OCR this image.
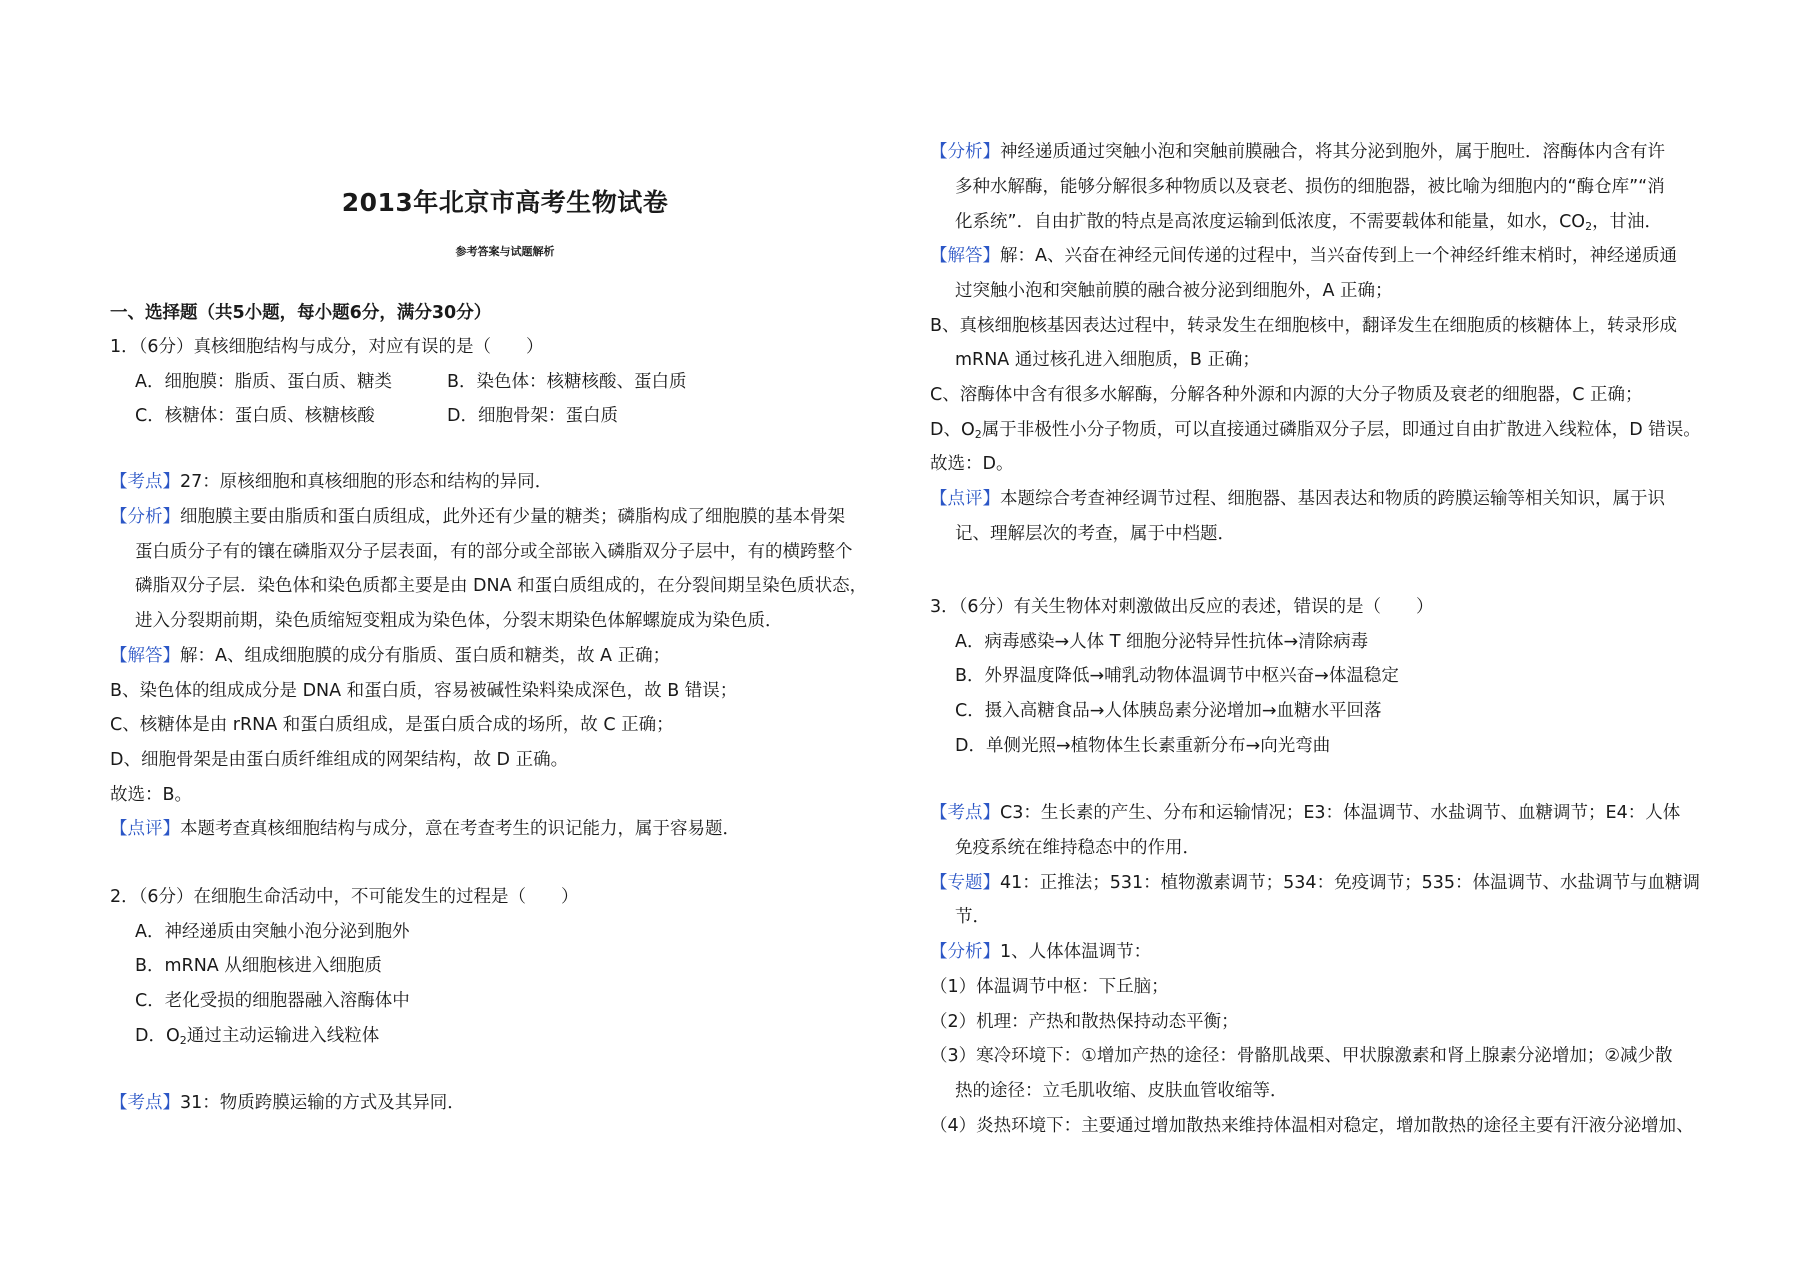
2013年北京市高考生物试卷
参考答案与试题解析
一、选择题（共5小题，每小题6分，满分30分）
1．（6分）真核细胞结构与成分，对应有误的是（　　）
A．细胞膜：脂质、蛋白质、糖类	B．染色体：核糖核酸、蛋白质
C．核糖体：蛋白质、核糖核酸	D．细胞骨架：蛋白质
【考点】27：原核细胞和真核细胞的形态和结构的异同．
【分析】细胞膜主要由脂质和蛋白质组成，此外还有少量的糖类；磷脂构成了细胞膜的基本骨架
蛋白质分子有的镶在磷脂双分子层表面，有的部分或全部嵌入磷脂双分子层中，有的横跨整个
磷脂双分子层．染色体和染色质都主要是由 DNA 和蛋白质组成的，在分裂间期呈染色质状态，
进入分裂期前期，染色质缩短变粗成为染色体，分裂末期染色体解螺旋成为染色质．
【解答】解：A、组成细胞膜的成分有脂质、蛋白质和糖类，故 A 正确；
B、染色体的组成成分是 DNA 和蛋白质，容易被碱性染料染成深色，故 B 错误；
C、核糖体是由 rRNA 和蛋白质组成，是蛋白质合成的场所，故 C 正确；
D、细胞骨架是由蛋白质纤维组成的网架结构，故 D 正确。
故选：B。
【点评】本题考查真核细胞结构与成分，意在考查考生的识记能力，属于容易题．
2．（6分）在细胞生命活动中，不可能发生的过程是（　　）
A．神经递质由突触小泡分泌到胞外
B．mRNA 从细胞核进入细胞质
C．老化受损的细胞器融入溶酶体中
D．$O_2$通过主动运输进入线粒体
【考点】31：物质跨膜运输的方式及其异同．
【分析】神经递质通过突触小泡和突触前膜融合，将其分泌到胞外，属于胞吐．溶酶体内含有许
多种水解酶，能够分解很多种物质以及衰老、损伤的细胞器，被比喻为细胞内的“酶仓库”“消
化系统”．自由扩散的特点是高浓度运输到低浓度，不需要载体和能量，如水，$CO_2$，甘油．
【解答】解：A、兴奋在神经元间传递的过程中，当兴奋传到上一个神经纤维末梢时，神经递质通
过突触小泡和突触前膜的融合被分泌到细胞外，A 正确；
B、真核细胞核基因表达过程中，转录发生在细胞核中，翻译发生在细胞质的核糖体上，转录形成
mRNA 通过核孔进入细胞质，B 正确；
C、溶酶体中含有很多水解酶，分解各种外源和内源的大分子物质及衰老的细胞器，C 正确；
D、$O_2$属于非极性小分子物质，可以直接通过磷脂双分子层，即通过自由扩散进入线粒体，D 错误。
故选：D。
【点评】本题综合考查神经调节过程、细胞器、基因表达和物质的跨膜运输等相关知识，属于识
记、理解层次的考查，属于中档题．
3．（6分）有关生物体对刺激做出反应的表述，错误的是（　　）
A．病毒感染→人体 T 细胞分泌特异性抗体→清除病毒
B．外界温度降低→哺乳动物体温调节中枢兴奋→体温稳定
C．摄入高糖食品→人体胰岛素分泌增加→血糖水平回落
D．单侧光照→植物体生长素重新分布→向光弯曲
【考点】C3：生长素的产生、分布和运输情况；E3：体温调节、水盐调节、血糖调节；E4：人体
免疫系统在维持稳态中的作用．
【专题】41：正推法；531：植物激素调节；534：免疫调节；535：体温调节、水盐调节与血糖调
节．
【分析】1、人体体温调节：
（1）体温调节中枢：下丘脑；
（2）机理：产热和散热保持动态平衡；
（3）寒冷环境下：①增加产热的途径：骨骼肌战栗、甲状腺激素和肾上腺素分泌增加；②减少散
热的途径：立毛肌收缩、皮肤血管收缩等．
（4）炎热环境下：主要通过增加散热来维持体温相对稳定，增加散热的途径主要有汗液分泌增加、
